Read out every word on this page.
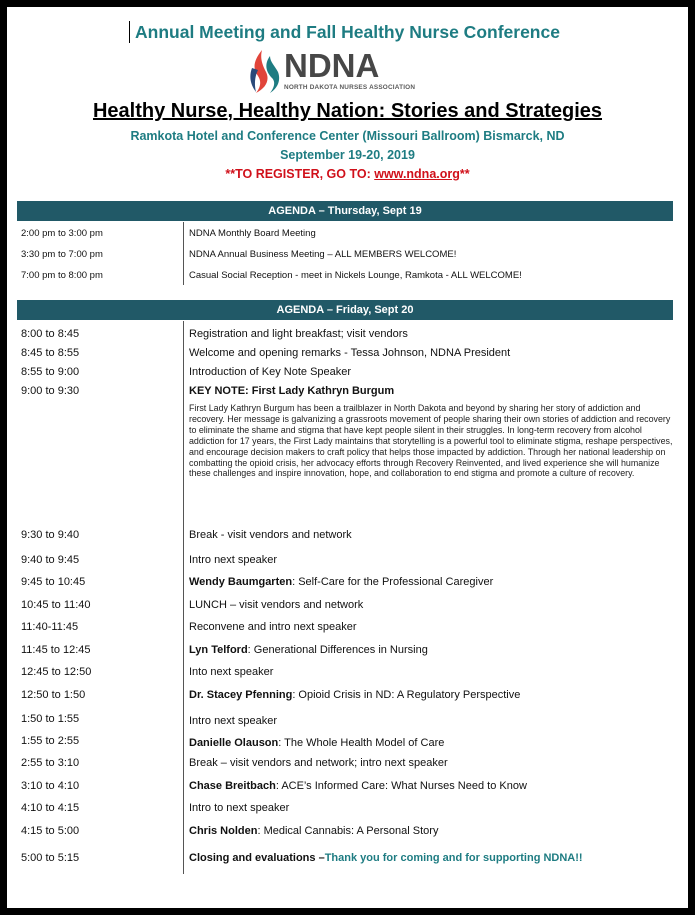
Annual Meeting and Fall Healthy Nurse Conference
NDNA
NORTH DAKOTA NURSES ASSOCIATION
Healthy Nurse, Healthy Nation: Stories and Strategies
Ramkota Hotel and Conference Center (Missouri Ballroom) Bismarck, ND
September 19-20, 2019
**TO REGISTER, GO TO: www.ndna.org**
AGENDA – Thursday, Sept 19
2:00 pm to 3:00 pm	NDNA Monthly Board Meeting
3:30 pm to 7:00 pm	NDNA Annual Business Meeting – ALL MEMBERS WELCOME!
7:00 pm to 8:00 pm	Casual Social Reception - meet in Nickels Lounge, Ramkota - ALL WELCOME!
AGENDA – Friday, Sept 20
8:00 to 8:45	Registration and light breakfast; visit vendors
8:45 to 8:55	Welcome and opening remarks - Tessa Johnson, NDNA President
8:55 to 9:00	Introduction of Key Note Speaker
9:00 to 9:30	KEY NOTE: First Lady Kathryn Burgum
First Lady Kathryn Burgum has been a trailblazer in North Dakota and beyond by sharing her story of addiction and recovery. Her message is galvanizing a grassroots movement of people sharing their own stories of addiction and recovery to eliminate the shame and stigma that have kept people silent in their struggles. In long-term recovery from alcohol addiction for 17 years, the First Lady maintains that storytelling is a powerful tool to eliminate stigma, reshape perspectives, and encourage decision makers to craft policy that helps those impacted by addiction. Through her national leadership on combatting the opioid crisis, her advocacy efforts through Recovery Reinvented, and lived experience she will humanize these challenges and inspire innovation, hope, and collaboration to end stigma and promote a culture of recovery.
9:30 to 9:40	Break - visit vendors and network
9:40 to 9:45	Intro next speaker
9:45 to 10:45	Wendy Baumgarten: Self-Care for the Professional Caregiver
10:45 to 11:40	LUNCH – visit vendors and network
11:40-11:45	Reconvene and intro next speaker
11:45 to 12:45	Lyn Telford: Generational Differences in Nursing
12:45 to 12:50	Into next speaker
12:50 to 1:50	Dr. Stacey Pfenning: Opioid Crisis in ND: A Regulatory Perspective
1:50 to 1:55	Intro next speaker
1:55 to 2:55	Danielle Olauson: The Whole Health Model of Care
2:55 to 3:10	Break – visit vendors and network; intro next speaker
3:10 to 4:10	Chase Breitbach: ACE’s Informed Care: What Nurses Need to Know
4:10 to 4:15	Intro to next speaker
4:15 to 5:00	Chris Nolden: Medical Cannabis: A Personal Story
5:00 to 5:15	Closing and evaluations –Thank you for coming and for supporting NDNA!!
